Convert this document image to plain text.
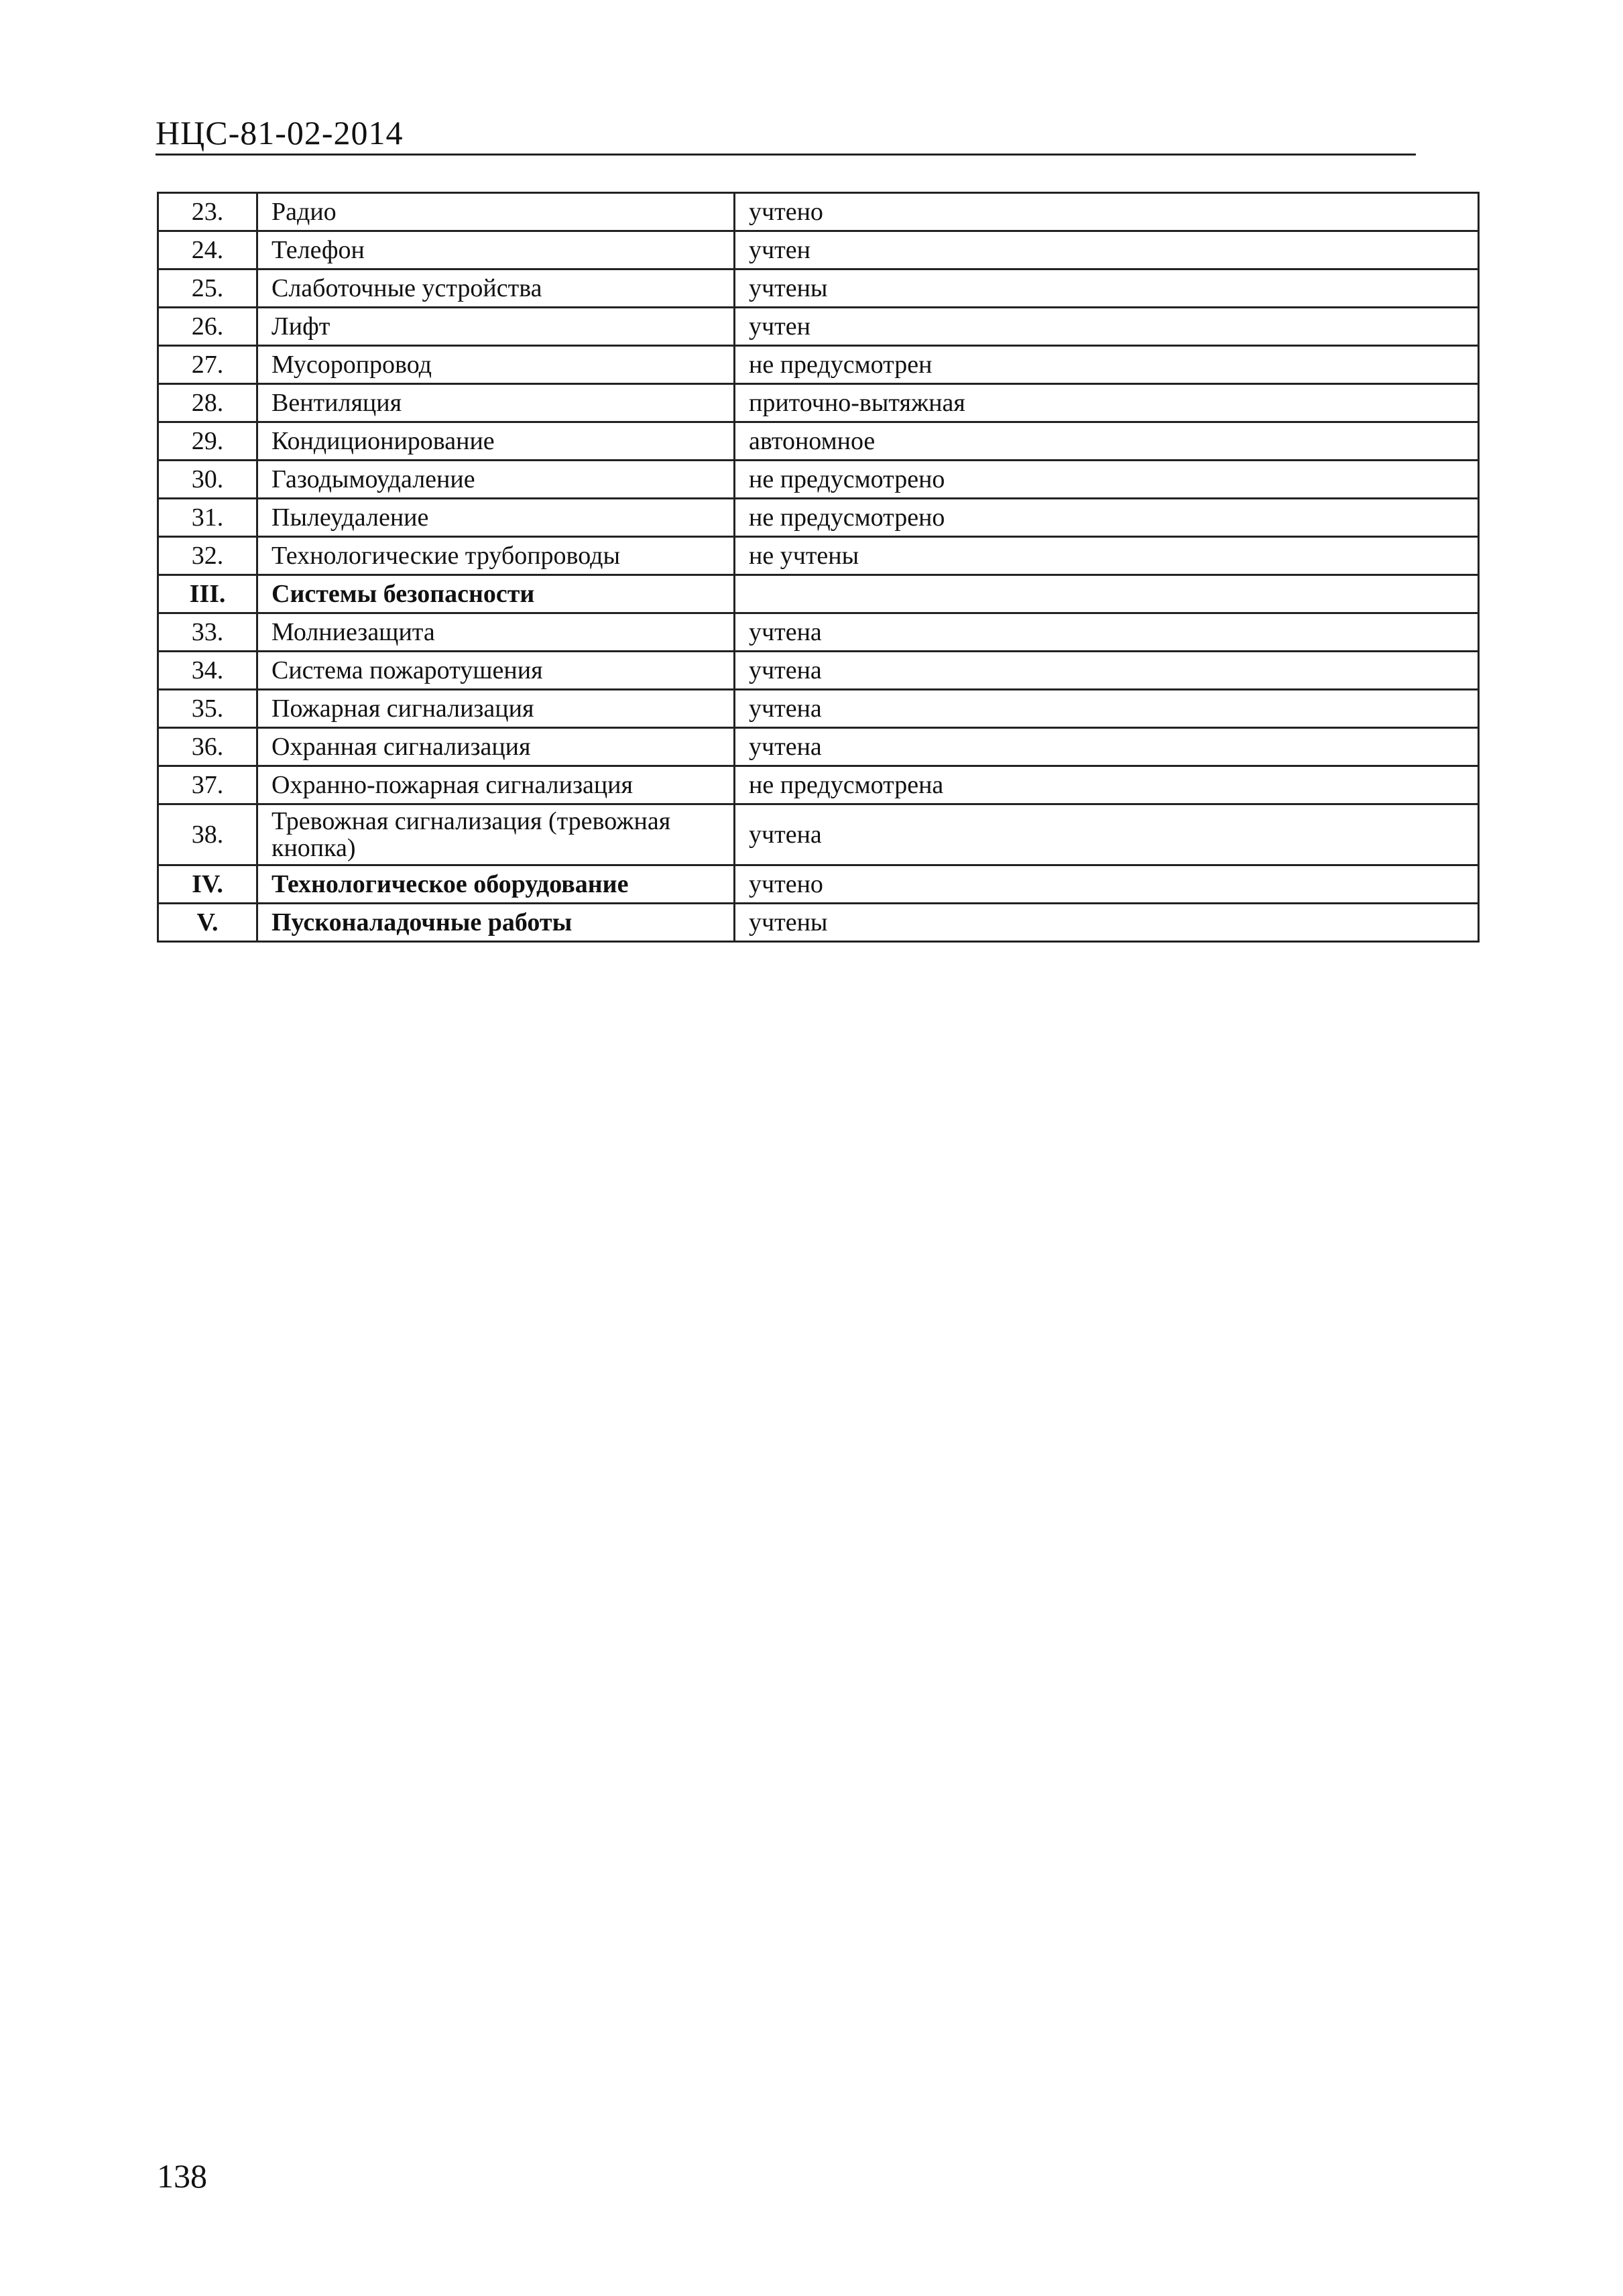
НЦС-81-02-2014
23.	Радио	учтено
24.	Телефон	учтен
25.	Слаботочные устройства	учтены
26.	Лифт	учтен
27.	Мусоропровод	не предусмотрен
28.	Вентиляция	приточно-вытяжная
29.	Кондиционирование	автономное
30.	Газодымоудаление	не предусмотрено
31.	Пылеудаление	не предусмотрено
32.	Технологические трубопроводы	не учтены
III.	Системы безопасности	
33.	Молниезащита	учтена
34.	Система пожаротушения	учтена
35.	Пожарная сигнализация	учтена
36.	Охранная сигнализация	учтена
37.	Охранно-пожарная сигнализация	не предусмотрена
38.	Тревожная сигнализация (тревожная кнопка)	учтена
IV.	Технологическое оборудование	учтено
V.	Пусконаладочные работы	учтены
138
